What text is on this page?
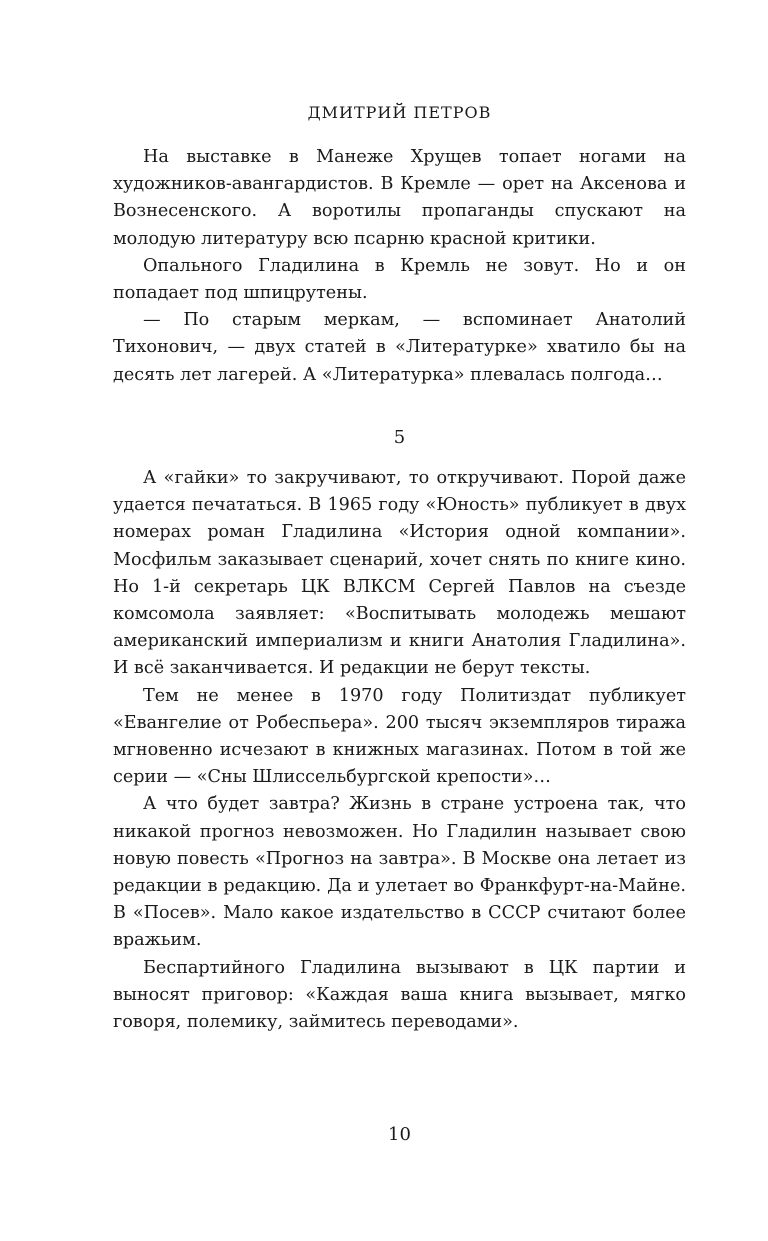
ДМИТРИЙ ПЕТРОВ

На выставке в Манеже Хрущев топает ногами на художников-авангардистов. В Кремле — орет на Аксенова и Вознесенского. А воротилы пропаганды спускают на молодую литературу всю псарню красной критики.

Опального Гладилина в Кремль не зовут. Но и он попадает под шпицрутены.

— По старым меркам, — вспоминает Анатолий Тихонович, — двух статей в «Литературке» хватило бы на десять лет лагерей. А «Литературка» плевалась полгода…

5

А «гайки» то закручивают, то откручивают. Порой даже удается печататься. В 1965 году «Юность» публикует в двух номерах роман Гладилина «История одной компании». Мосфильм заказывает сценарий, хочет снять по книге кино. Но 1-й секретарь ЦК ВЛКСМ Сергей Павлов на съезде комсомола заявляет: «Воспитывать молодежь мешают американский империализм и книги Анатолия Гладилина». И всё заканчивается. И редакции не берут тексты.

Тем не менее в 1970 году Политиздат публикует «Евангелие от Робеспьера». 200 тысяч экземпляров тиража мгновенно исчезают в книжных магазинах. Потом в той же серии — «Сны Шлиссельбургской крепости»…

А что будет завтра? Жизнь в стране устроена так, что никакой прогноз невозможен. Но Гладилин называет свою новую повесть «Прогноз на завтра». В Москве она летает из редакции в редакцию. Да и улетает во Франкфурт-на-Майне. В «Посев». Мало какое издательство в СССР считают более вражьим.

Беспартийного Гладилина вызывают в ЦК партии и выносят приговор: «Каждая ваша книга вызывает, мягко говоря, полемику, займитесь переводами».

10
